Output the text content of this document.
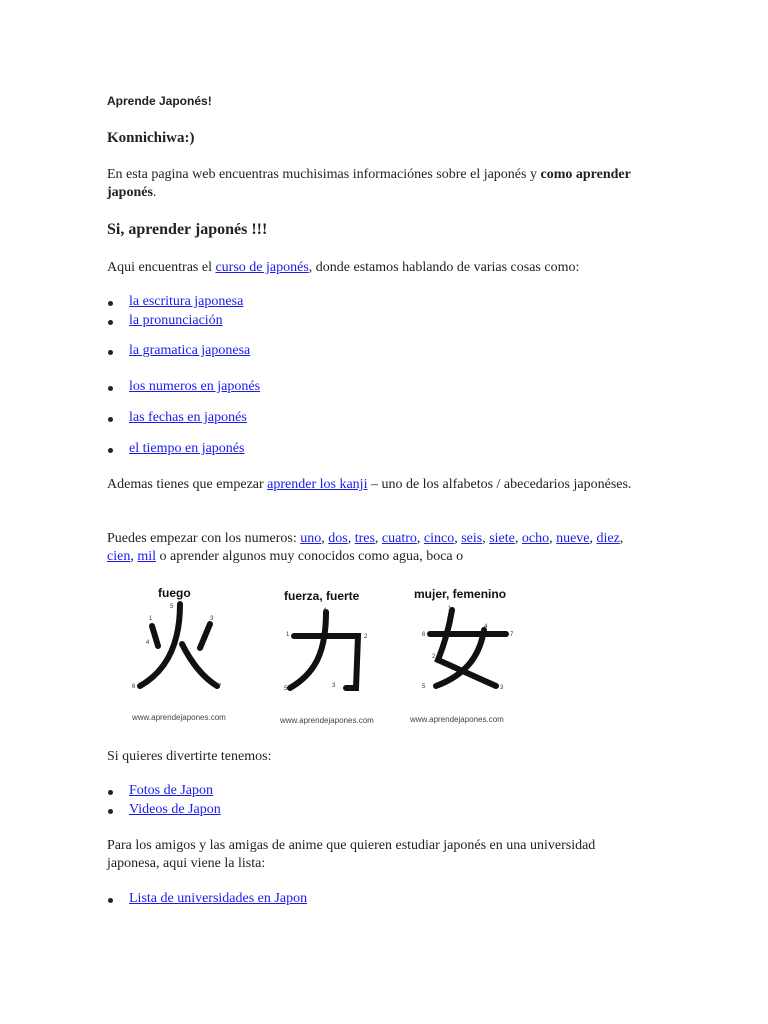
Aprende Japonés!
Konnichiwa:)
En esta pagina web encuentras muchisimas informaciónes sobre el japonés y como aprender japonés.
Si, aprender japonés !!!
Aqui encuentras el curso de japonés, donde estamos hablando de varias cosas como:
la escritura japonesa
la pronunciación
la gramatica japonesa
los numeros en japonés
las fechas en japonés
el tiempo en japonés
Ademas tienes que empezar aprender los kanji – uno de los alfabetos / abecedarios japonéses.
Puedes empezar con los numeros: uno, dos, tres, cuatro, cinco, seis, siete, ocho, nueve, diez, cien, mil o aprender algunos muy conocidos como agua, boca o
fuego
1
5
3
4
6	7
www.aprendejapones.com
fuerza, fuerte
1
4
2
5	3
www.aprendejapones.com
mujer, femenino
1
4
6	7
2
5	3
www.aprendejapones.com
Si quieres divertirte tenemos:
Fotos de Japon
Videos de Japon
Para los amigos y las amigas de anime que quieren estudiar japonés en una universidad japonesa, aqui viene la lista:
Lista de universidades en Japon
